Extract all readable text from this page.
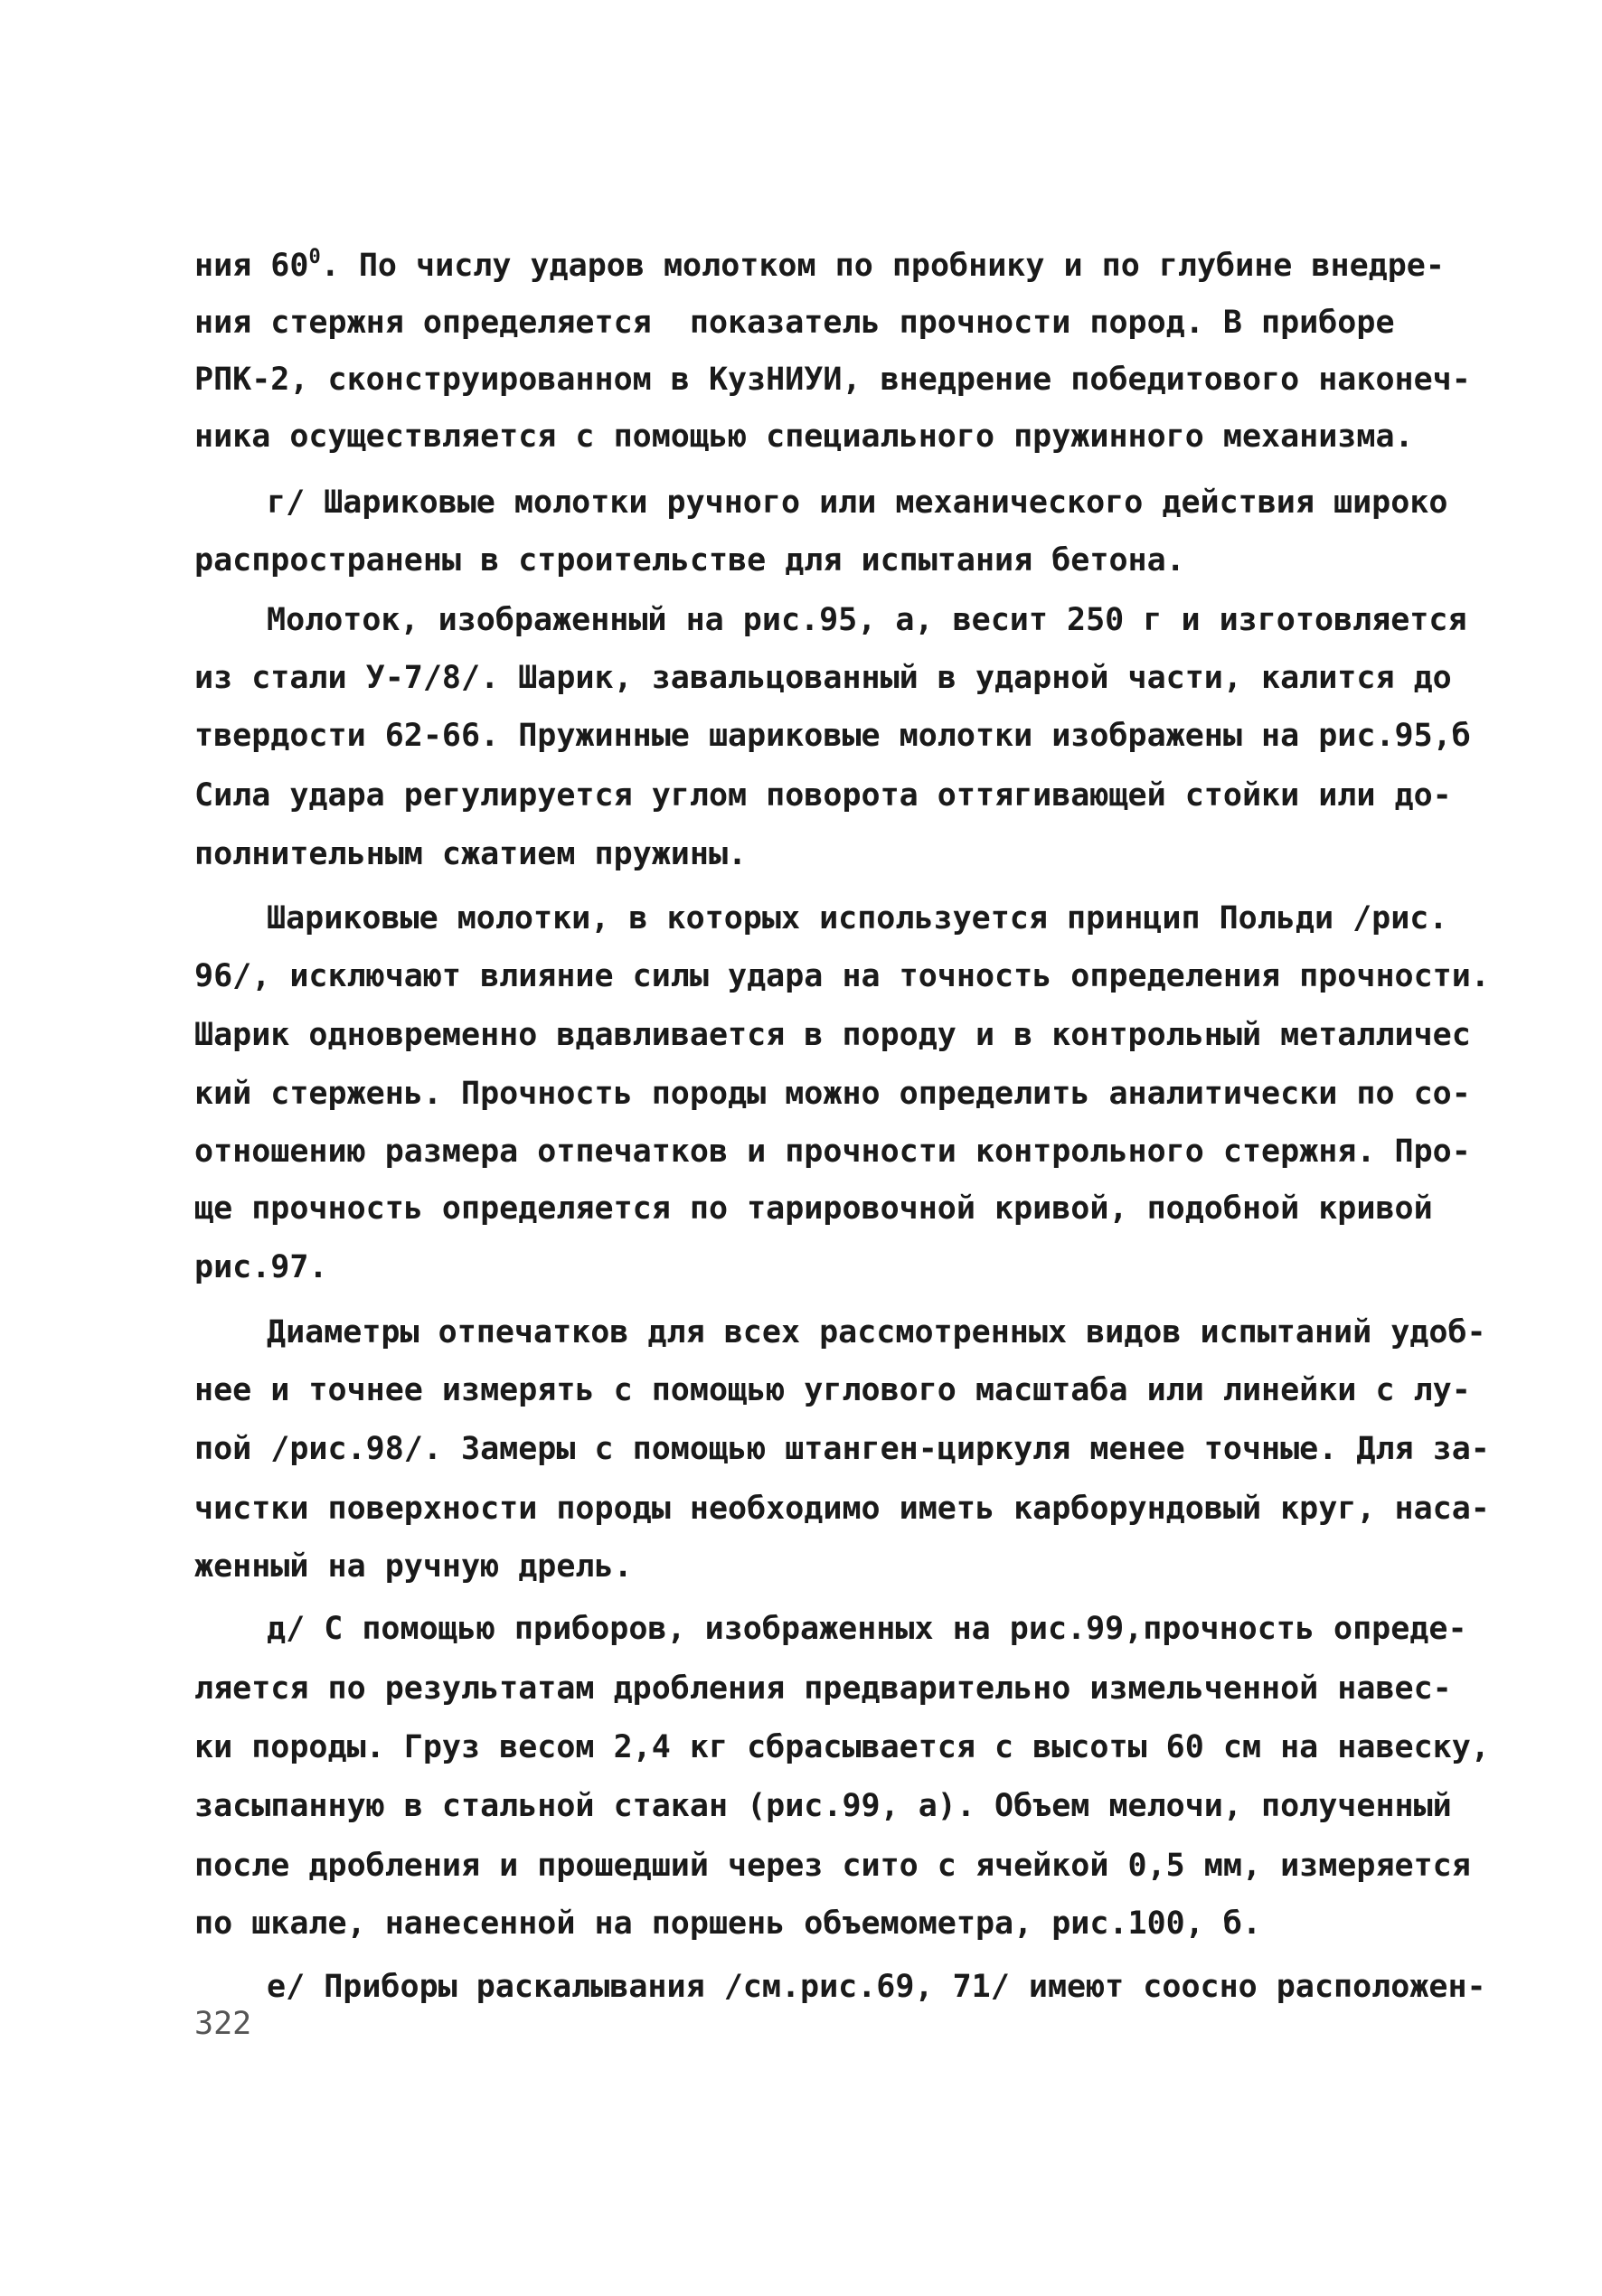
ния $60^0$. По числу ударов молотком по пробнику и по глубине внедре-
ния стержня определяется  показатель прочности пород. В приборе
РПК-2, сконструированном в КузНИУИ, внедрение победитового наконеч-
ника осуществляется с помощью специального пружинного механизма.
г/ Шариковые молотки ручного или механического действия широко
распространены в строительстве для испытания бетона.
Молоток, изображенный на рис.95, а, весит 250 г и изготовляется
из стали У-7/8/. Шарик, завальцованный в ударной части, калится до
твердости 62-66. Пружинные шариковые молотки изображены на рис.95,б
Сила удара регулируется углом поворота оттягивающей стойки или до-
полнительным сжатием пружины.
Шариковые молотки, в которых используется принцип Польди /рис.
96/, исключают влияние силы удара на точность определения прочности.
Шарик одновременно вдавливается в породу и в контрольный металличес
кий стержень. Прочность породы можно определить аналитически по со-
отношению размера отпечатков и прочности контрольного стержня. Про-
ще прочность определяется по тарировочной кривой, подобной кривой
рис.97.
Диаметры отпечатков для всех рассмотренных видов испытаний удоб-
нее и точнее измерять с помощью углового масштаба или линейки с лу-
пой /рис.98/. Замеры с помощью штанген-циркуля менее точные. Для за-
чистки поверхности породы необходимо иметь карборундовый круг, наса-
женный на ручную дрель.
д/ С помощью приборов, изображенных на рис.99,прочность опреде-
ляется по результатам дробления предварительно измельченной навес-
ки породы. Груз весом 2,4 кг сбрасывается с высоты 60 см на навеску,
засыпанную в стальной стакан (рис.99, а). Объем мелочи, полученный
после дробления и прошедший через сито с ячейкой 0,5 мм, измеряется
по шкале, нанесенной на поршень объемометра, рис.100, б.
е/ Приборы раскалывания /см.рис.69, 71/ имеют соосно расположен-
322
